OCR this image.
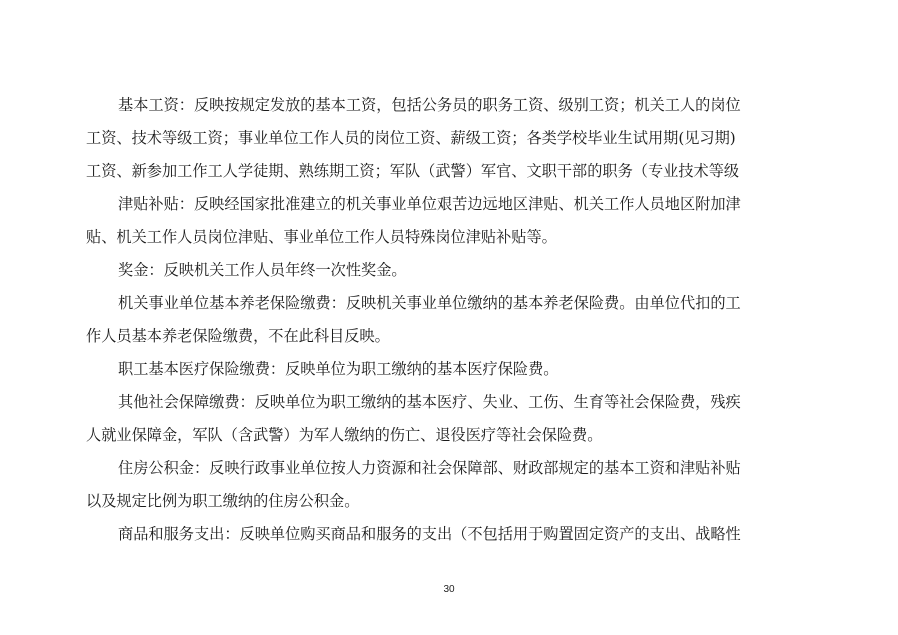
基本工资：反映按规定发放的基本工资，包括公务员的职务工资、级别工资；机关工人的岗位
工资、技术等级工资；事业单位工作人员的岗位工资、薪级工资；各类学校毕业生试用期(见习期)
工资、新参加工作工人学徒期、熟练期工资；军队（武警）军官、文职干部的职务（专业技术等级
津贴补贴：反映经国家批准建立的机关事业单位艰苦边远地区津贴、机关工作人员地区附加津
贴、机关工作人员岗位津贴、事业单位工作人员特殊岗位津贴补贴等。
奖金：反映机关工作人员年终一次性奖金。
机关事业单位基本养老保险缴费：反映机关事业单位缴纳的基本养老保险费。由单位代扣的工
作人员基本养老保险缴费，不在此科目反映。
职工基本医疗保险缴费：反映单位为职工缴纳的基本医疗保险费。
其他社会保障缴费：反映单位为职工缴纳的基本医疗、失业、工伤、生育等社会保险费，残疾
人就业保障金，军队（含武警）为军人缴纳的伤亡、退役医疗等社会保险费。
住房公积金：反映行政事业单位按人力资源和社会保障部、财政部规定的基本工资和津贴补贴
以及规定比例为职工缴纳的住房公积金。
商品和服务支出：反映单位购买商品和服务的支出（不包括用于购置固定资产的支出、战略性
30
